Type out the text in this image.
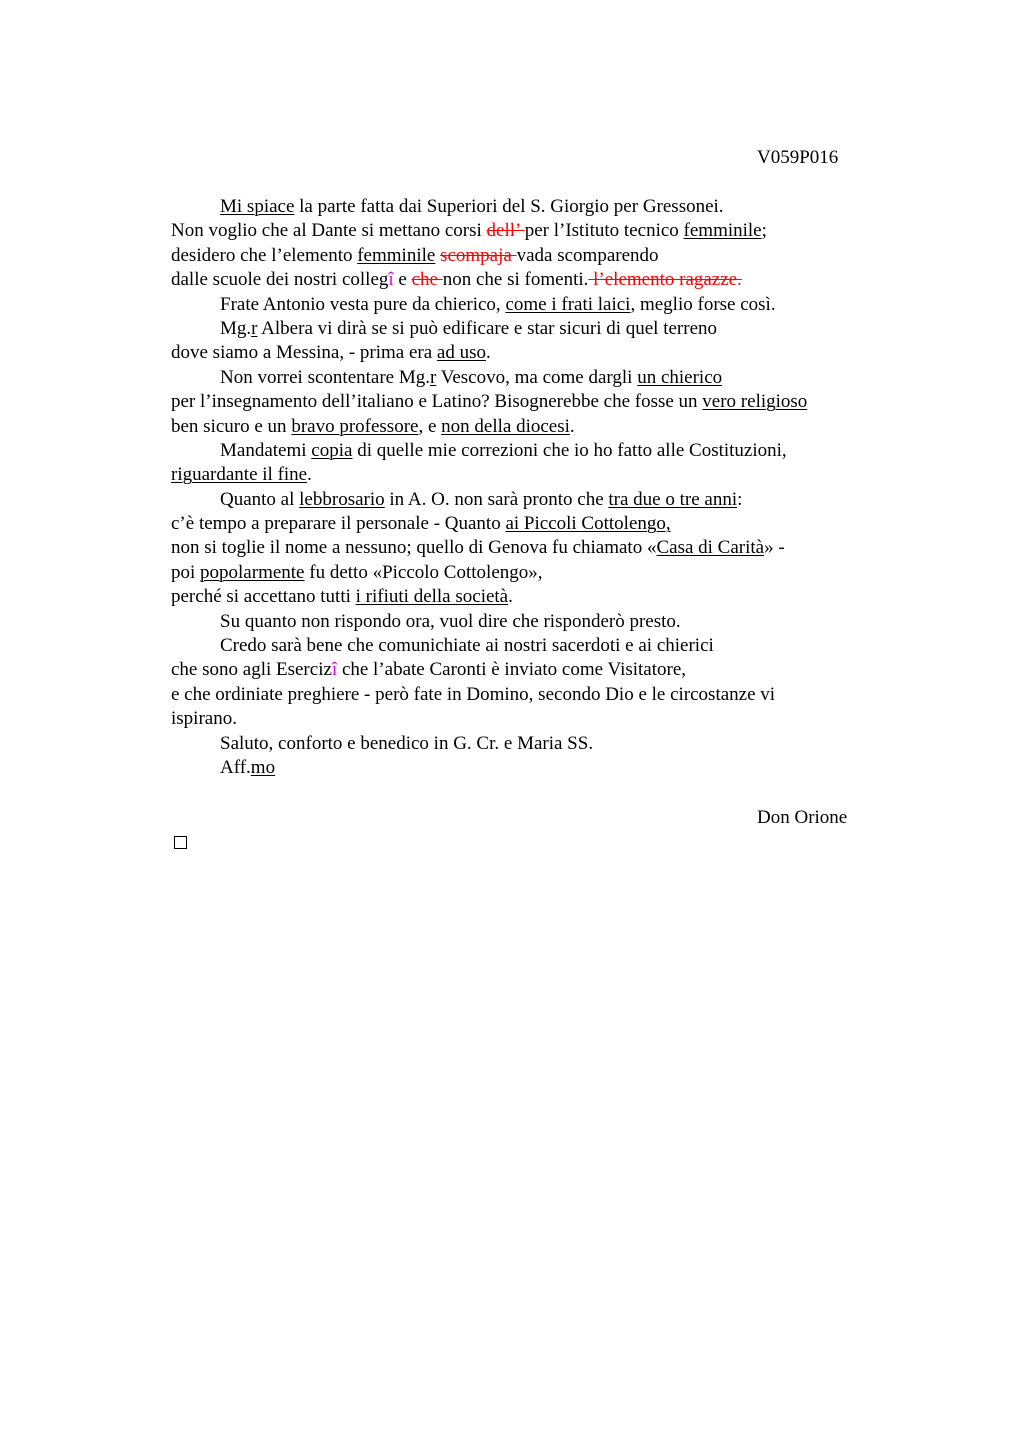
V059P016
Mi spiace la parte fatta dai Superiori del S. Giorgio per Gressonei.
Non voglio che al Dante si mettano corsi dell’ per l’Istituto tecnico femminile;
desidero che l’elemento femminile scompaja vada scomparendo
dalle scuole dei nostri collegî e che non che si fomenti. l’elemento ragazze.
Frate Antonio vesta pure da chierico, come i frati laici, meglio forse così.
Mg.r Albera vi dirà se si può edificare e star sicuri di quel terreno
dove siamo a Messina, - prima era ad uso.
Non vorrei scontentare Mg.r Vescovo, ma come dargli un chierico
per l’insegnamento dell’italiano e Latino? Bisognerebbe che fosse un vero religioso
ben sicuro e un bravo professore, e non della diocesi.
Mandatemi copia di quelle mie correzioni che io ho fatto alle Costituzioni,
riguardante il fine.
Quanto al lebbrosario in A. O. non sarà pronto che tra due o tre anni:
c’è tempo a preparare il personale - Quanto ai Piccoli Cottolengo,
non si toglie il nome a nessuno; quello di Genova fu chiamato «Casa di Carità» -
poi popolarmente fu detto «Piccolo Cottolengo»,
perché si accettano tutti i rifiuti della società.
Su quanto non rispondo ora, vuol dire che risponderò presto.
Credo sarà bene che comunichiate ai nostri sacerdoti e ai chierici
che sono agli Esercizî che l’abate Caronti è inviato come Visitatore,
e che ordiniate preghiere - però fate in Domino, secondo Dio e le circostanze vi
ispirano.
Saluto, conforto e benedico in G. Cr. e Maria SS.
Aff.mo
Don Orione
